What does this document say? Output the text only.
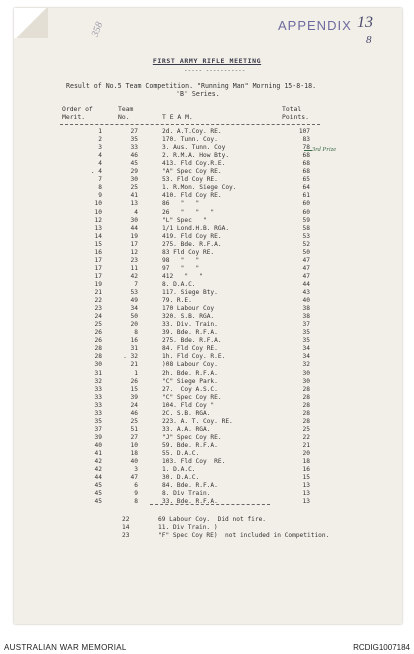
APPENDIX 13
8
358
FIRST ARMY RIFLE MEETING
----- -----------
Result of No.5 Team Competition. "Running Man" Morning 15-8-18.
'B' Series.
Order of
Merit.
Team
No.	T E A M.
Total
Points.
1	27	2d. A.T.Coy. RE.	107
2	35	170. Tunn. Coy.	83
3	33	3. Aus. Tunn. Coy	78
4	46	2. R.M.A. How Bty.	68
4	45	413. Fld Coy.R.E.	68
. 4	29	"A" Spec Coy RE.	68
7	30	53. Fld Coy RE.	65
8	25	1. R.Mon. Siege Coy.	64
9	41	410. Fld Coy RE.	61
10	13	86   "   "	60
10	4	26   "   "   "	60
12	30	"L" Spec   "	59
13	44	1/1 Lond.H.B. RGA.	58
14	19	419. Fld Coy RE.	53
15	17	275. Bde. R.F.A.	52
16	12	83 Fld Coy RE.	50
17	23	98   "   "	47
17	11	97   "   "	47
17	42	412   "   "	47
19	7	8. D.A.C.	44
21	53	117. Siege Bty.	43
22	49	79. R.E.	40
23	34	170 Labour Coy	38
24	50	320. S.B. RGA.	38
25	20	33. Div. Train.	37
26	8	39. Bde. R.F.A.	35
26	16	275. Bde. R.F.A.	35
28	31	84. Fld Coy RE.	34
28	. 32	1h. Fld Coy. R.E.	34
30	21	)08 Labour Coy.	32
31	1	2h. Bde. R.F.A.	30
32	26	"C" Siege Park.	30
33	15	27.  Coy A.S.C.	28
33	39	"C" Spec Coy RE.	28
33	24	104. Fld Coy "	28
33	46	2C. S.B. RGA.	28
35	25	223. A. T. Coy. RE.	28
37	51	33. A.A. RGA.	25
39	27	"J" Spec Coy RE.	22
40	10	59. Bde. R.F.A.	21
41	18	55. D.A.C.	20
42	40	103. Fld Coy  RE.	18
42	3	1. D.A.C.	16
44	47	30. D.A.C.	15
45	6	84. Bde. R.F.A.	13
45	9	8. Div Train.	13
45	8	33. Bde. R.F.A.	13
3rd Prize
22	69 Labour Coy.  Did not fire.
14	11. Div Train. )
23	"F" Spec Coy RE)  not included in Competition.
AUSTRALIAN WAR MEMORIAL	RCDIG1007184
